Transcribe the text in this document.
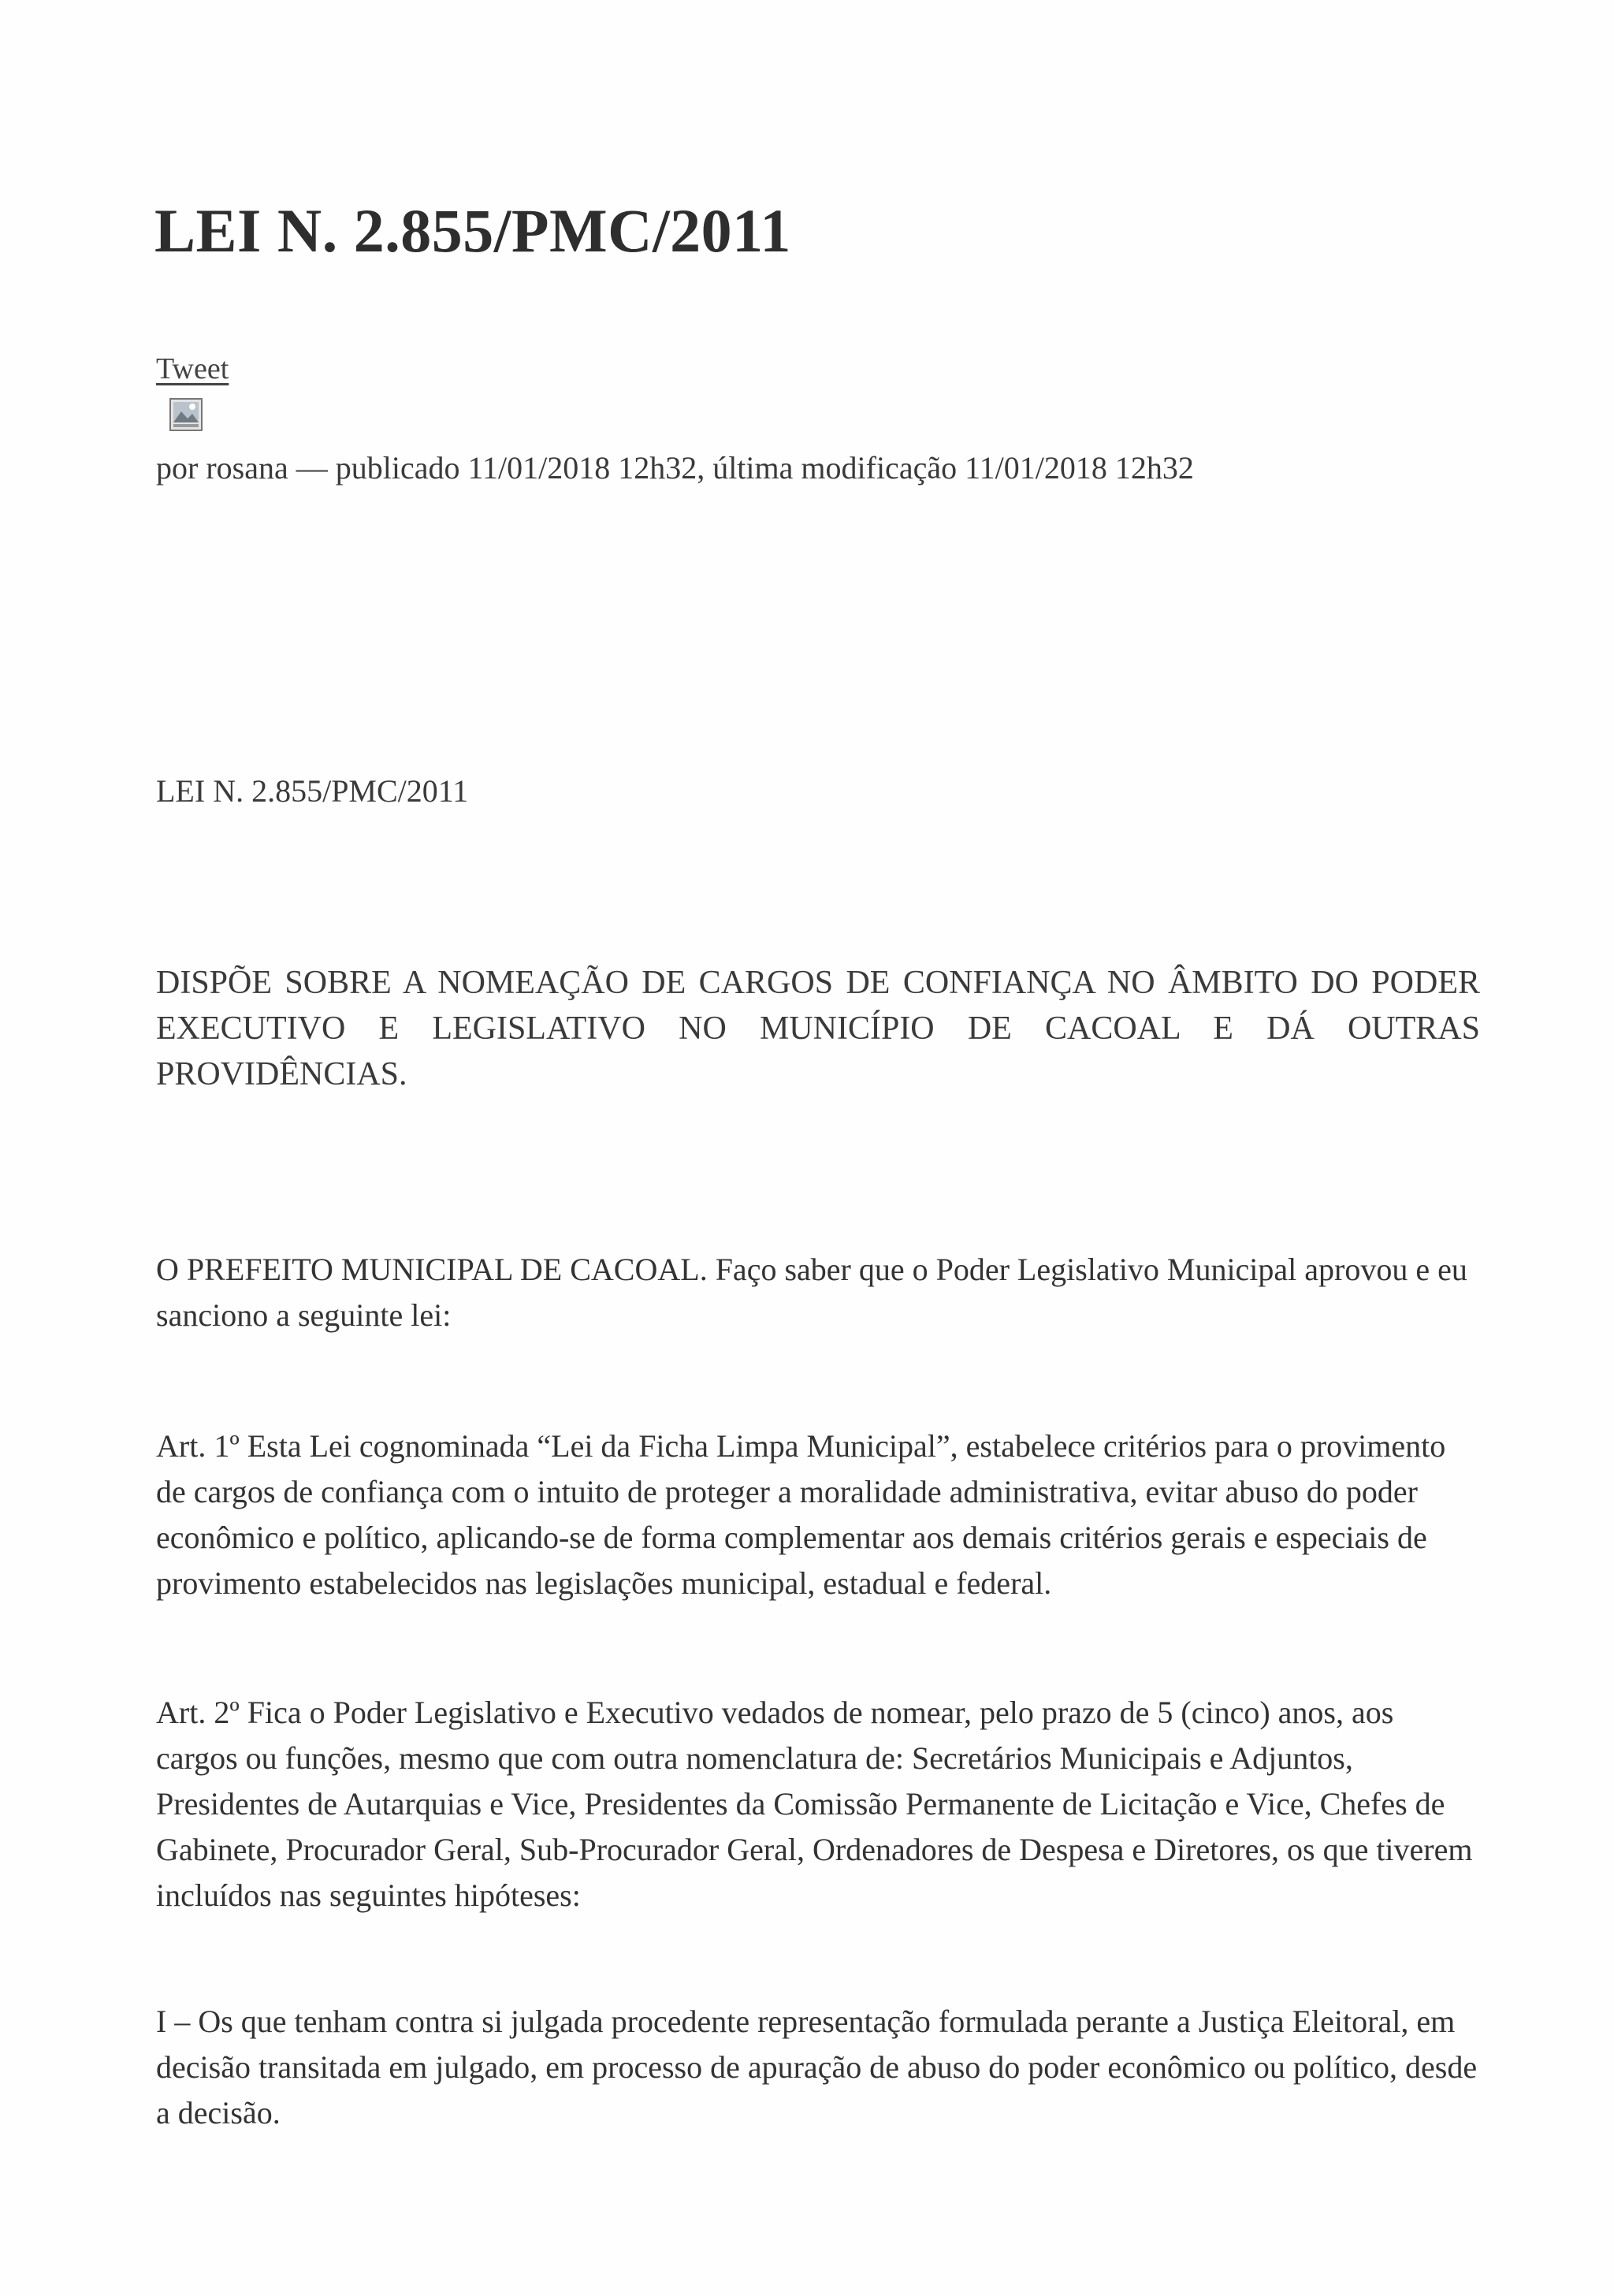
LEI N. 2.855/PMC/2011
Tweet
por rosana — publicado 11/01/2018 12h32, última modificação 11/01/2018 12h32
LEI N. 2.855/PMC/2011

DISPÕE SOBRE A NOMEAÇÃO DE CARGOS DE CONFIANÇA NO ÂMBITO DO PODER EXECUTIVO E LEGISLATIVO NO MUNICÍPIO DE CACOAL E DÁ OUTRAS PROVIDÊNCIAS.

O PREFEITO MUNICIPAL DE CACOAL. Faço saber que o Poder Legislativo Municipal aprovou e eu sanciono a seguinte lei:

Art. 1º Esta Lei cognominada “Lei da Ficha Limpa Municipal”, estabelece critérios para o provimento de cargos de confiança com o intuito de proteger a moralidade administrativa, evitar abuso do poder econômico e político, aplicando-se de forma complementar aos demais critérios gerais e especiais de provimento estabelecidos nas legislações municipal, estadual e federal.

Art. 2º Fica o Poder Legislativo e Executivo vedados de nomear, pelo prazo de 5 (cinco) anos, aos cargos ou funções, mesmo que com outra nomenclatura de: Secretários Municipais e Adjuntos, Presidentes de Autarquias e Vice, Presidentes da Comissão Permanente de Licitação e Vice, Chefes de Gabinete, Procurador Geral, Sub-Procurador Geral, Ordenadores de Despesa e Diretores, os que tiverem incluídos nas seguintes hipóteses:

I – Os que tenham contra si julgada procedente representação formulada perante a Justiça Eleitoral, em decisão transitada em julgado, em processo de apuração de abuso do poder econômico ou político, desde a decisão.
